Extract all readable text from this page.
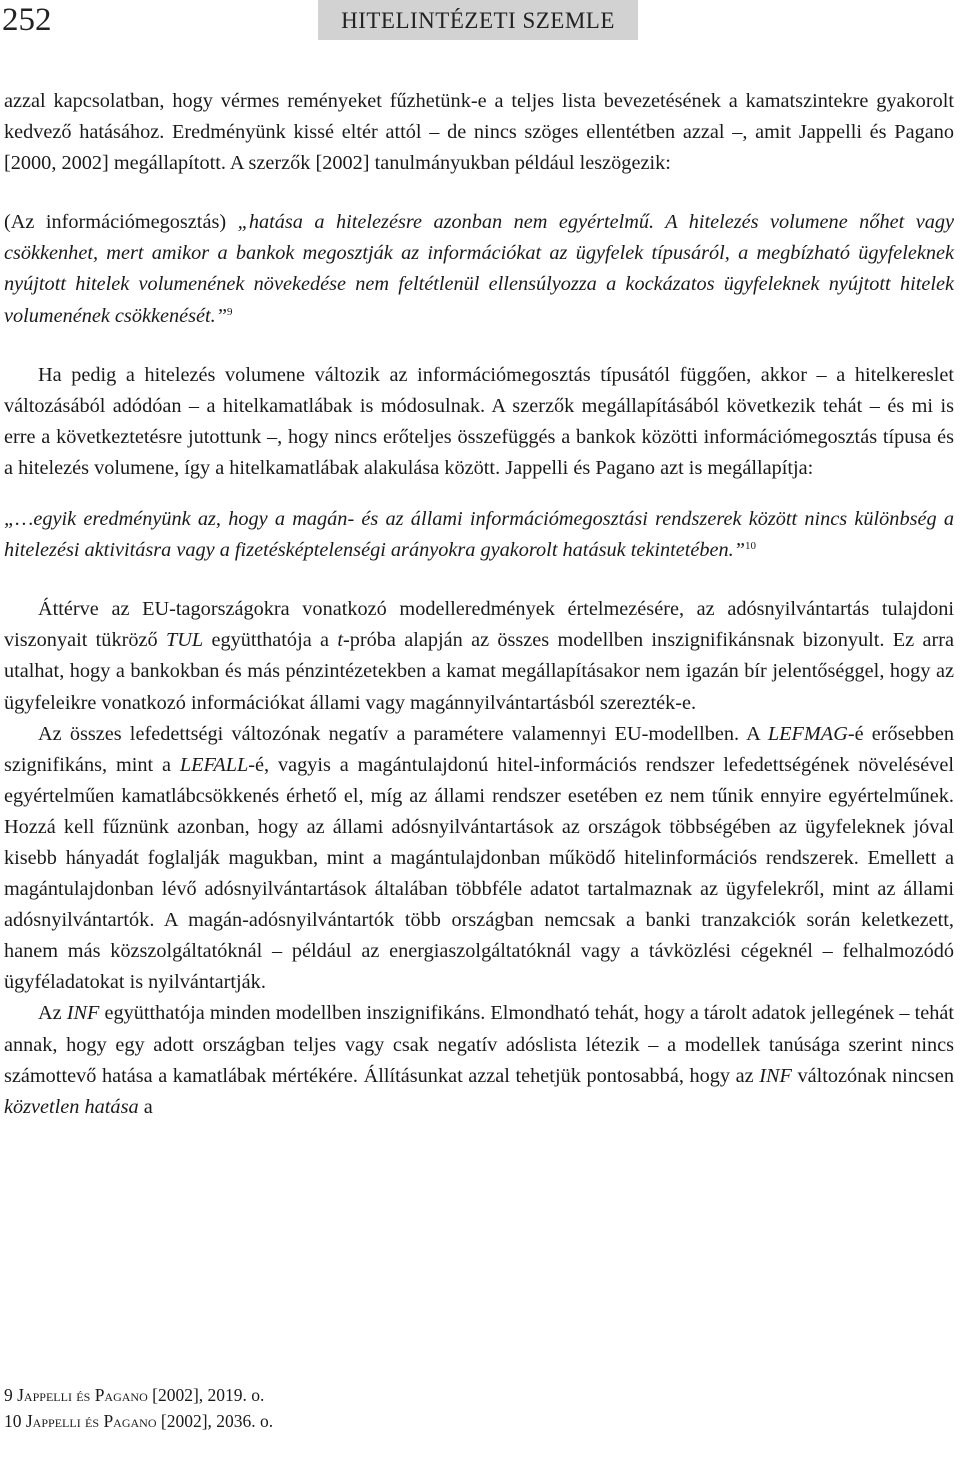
252	HITELINTÉZETI SZEMLE

azzal kapcsolatban, hogy vérmes reményeket fűzhetünk-e a teljes lista bevezetésének a kamatszintekre gyakorolt kedvező hatásához. Eredményünk kissé eltér attól – de nincs szöges ellentétben azzal –, amit Jappelli és Pagano [2000, 2002] megállapított. A szerzők [2002] tanulmányukban például leszögezik:

(Az információmegosztás) „hatása a hitelezésre azonban nem egyértelmű. A hitelezés volumene nőhet vagy csökkenhet, mert amikor a bankok megosztják az információkat az ügyfelek típusáról, a megbízható ügyfeleknek nyújtott hitelek volumenének növekedése nem feltétlenül ellensúlyozza a kockázatos ügyfeleknek nyújtott hitelek volumenének csökkenését.”$^9$

Ha pedig a hitelezés volumene változik az információmegosztás típusától függően, akkor – a hitelkereslet változásából adódóan – a hitelkamatlábak is módosulnak. A szerzők megállapításából következik tehát – és mi is erre a következtetésre jutottunk –, hogy nincs erőteljes összefüggés a bankok közötti információmegosztás típusa és a hitelezés volumene, így a hitelkamatlábak alakulása között. Jappelli és Pagano azt is megállapítja:

„…egyik eredményünk az, hogy a magán- és az állami információmegosztási rendszerek között nincs különbség a hitelezési aktivitásra vagy a fizetésképtelenségi arányokra gyakorolt hatásuk tekintetében.”$^{10}$

Áttérve az EU-tagországokra vonatkozó modelleredmények értelmezésére, az adósnyilvántartás tulajdoni viszonyait tükröző TUL együtthatója a t-próba alapján az összes modellben inszignifikánsnak bizonyult. Ez arra utalhat, hogy a bankokban és más pénzintézetekben a kamat megállapításakor nem igazán bír jelentőséggel, hogy az ügyfeleikre vonatkozó információkat állami vagy magánnyilvántartásból szerezték-e.

Az összes lefedettségi változónak negatív a paramétere valamennyi EU-modellben. A LEFMAG-é erősebben szignifikáns, mint a LEFALL-é, vagyis a magántulajdonú hitel-információs rendszer lefedettségének növelésével egyértelműen kamatlábcsökkenés érhető el, míg az állami rendszer esetében ez nem tűnik ennyire egyértelműnek. Hozzá kell fűznünk azonban, hogy az állami adósnyilvántartások az országok többségében az ügyfeleknek jóval kisebb hányadát foglalják magukban, mint a magántulajdonban működő hitelinformációs rendszerek. Emellett a magántulajdonban lévő adósnyilvántartások általában többféle adatot tartalmaznak az ügyfelekről, mint az állami adósnyilvántartók. A magán-adósnyilvántartók több országban nemcsak a banki tranzakciók során keletkezett, hanem más közszolgáltatóknál – például az energiaszolgáltatóknál vagy a távközlési cégeknél – felhalmozódó ügyféladatokat is nyilvántartják.

Az INF együtthatója minden modellben inszignifikáns. Elmondható tehát, hogy a tárolt adatok jellegének – tehát annak, hogy egy adott országban teljes vagy csak negatív adóslista létezik – a modellek tanúsága szerint nincs számottevő hatása a kamatlábak mértékére. Állításunkat azzal tehetjük pontosabbá, hogy az INF változónak nincsen közvetlen hatása a

9 Jappelli és Pagano [2002], 2019. o.

10 Jappelli és Pagano [2002], 2036. o.
